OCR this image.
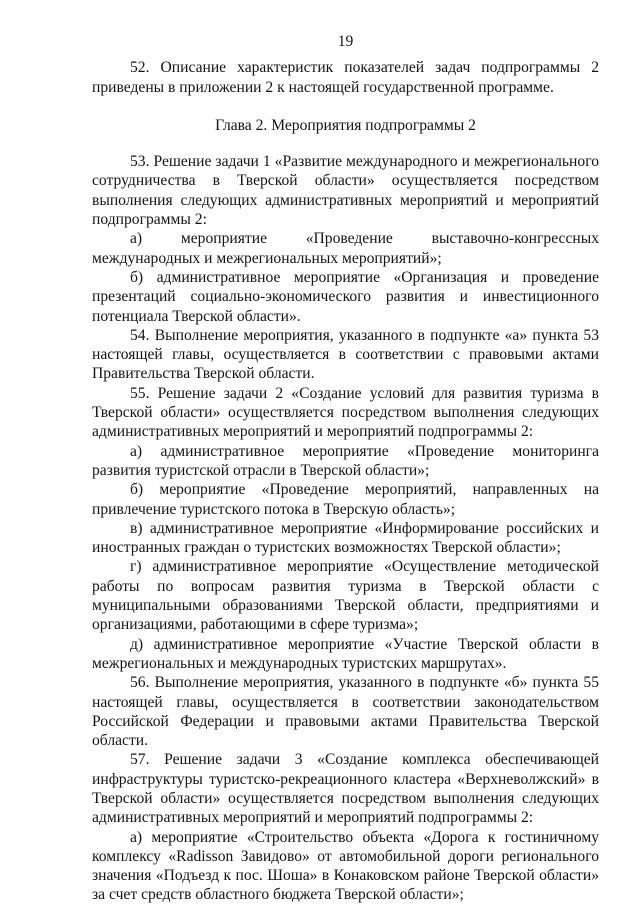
19

52. Описание характеристик показателей задач подпрограммы 2 приведены в приложении 2 к настоящей государственной программе.

Глава 2. Мероприятия подпрограммы 2

53. Решение задачи 1 «Развитие международного и межрегионального сотрудничества в Тверской области» осуществляется посредством выполнения следующих административных мероприятий и мероприятий подпрограммы 2:

а) мероприятие «Проведение выставочно-конгрессных международных и межрегиональных мероприятий»;

б) административное мероприятие «Организация и проведение презентаций социально-экономического развития и инвестиционного потенциала Тверской области».

54. Выполнение мероприятия, указанного в подпункте «а» пункта 53 настоящей главы, осуществляется в соответствии с правовыми актами Правительства Тверской области.

55. Решение задачи 2 «Создание условий для развития туризма в Тверской области» осуществляется посредством выполнения следующих административных мероприятий и мероприятий подпрограммы 2:

а) административное мероприятие «Проведение мониторинга развития туристской отрасли в Тверской области»;

б) мероприятие «Проведение мероприятий, направленных на привлечение туристского потока в Тверскую область»;

в) административное мероприятие «Информирование российских и иностранных граждан о туристских возможностях Тверской области»;

г) административное мероприятие «Осуществление методической работы по вопросам развития туризма в Тверской области с муниципальными образованиями Тверской области, предприятиями и организациями, работающими в сфере туризма»;

д) административное мероприятие «Участие Тверской области в межрегиональных и международных туристских маршрутах».

56. Выполнение мероприятия, указанного в подпункте «б» пункта 55 настоящей главы, осуществляется в соответствии законодательством Российской Федерации и правовыми актами Правительства Тверской области.

57. Решение задачи 3 «Создание комплекса обеспечивающей инфраструктуры туристско-рекреационного кластера «Верхневолжский» в Тверской области» осуществляется посредством выполнения следующих административных мероприятий и мероприятий подпрограммы 2:

а) мероприятие «Строительство объекта «Дорога к гостиничному комплексу «Radisson Завидово» от автомобильной дороги регионального значения «Подъезд к пос. Шоша» в Конаковском районе Тверской области» за счет средств областного бюджета Тверской области»;
